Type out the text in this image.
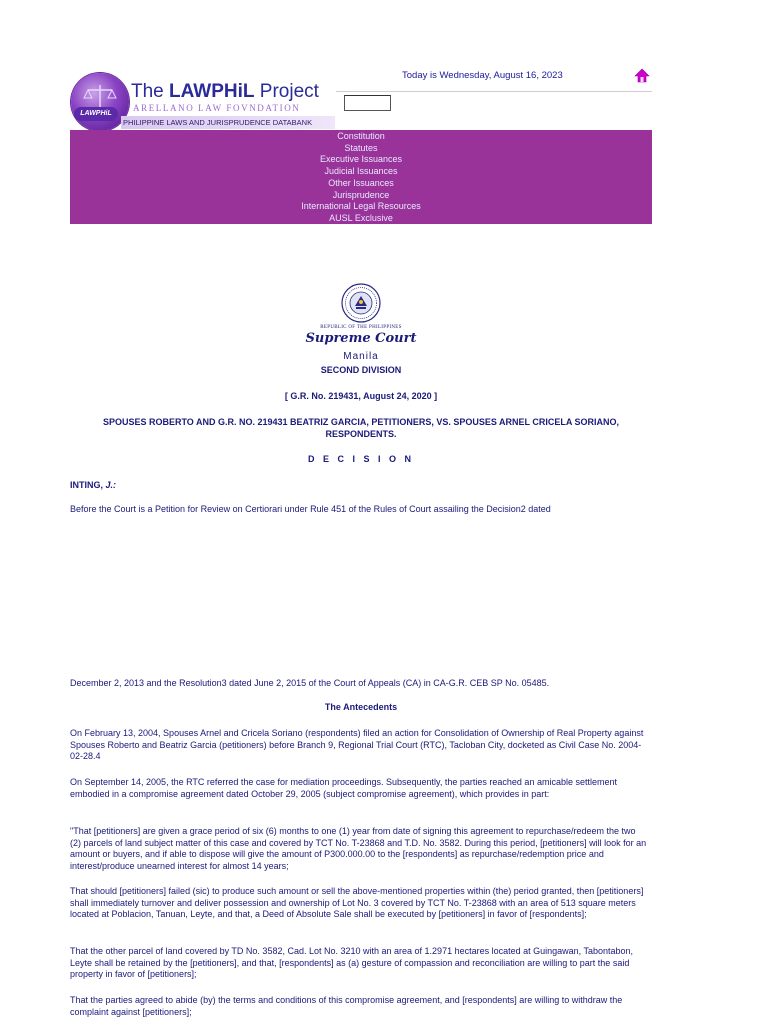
LAWPHiL
The LAWPHiL Project
ARELLANO LAW FOVNDATION
PHILIPPINE LAWS AND JURISPRUDENCE DATABANK
Today is Wednesday, August 16, 2023
Constitution
Statutes
Executive Issuances
Judicial Issuances
Other Issuances
Jurisprudence
International Legal Resources
AUSL Exclusive
REPUBLIC OF THE PHILIPPINES
Supreme Court
Manila
SECOND DIVISION
[ G.R. No. 219431, August 24, 2020 ]
SPOUSES ROBERTO AND G.R. NO. 219431 BEATRIZ GARCIA, PETITIONERS, VS. SPOUSES ARNEL CRICELA SORIANO, RESPONDENTS.
D E C I S I O N
INTING, J.:
Before the Court is a Petition for Review on Certiorari under Rule 451 of the Rules of Court assailing the Decision2 dated
December 2, 2013 and the Resolution3 dated June 2, 2015 of the Court of Appeals (CA) in CA-G.R. CEB SP No. 05485.
The Antecedents
On February 13, 2004, Spouses Arnel and Cricela Soriano (respondents) filed an action for Consolidation of Ownership of Real Property against Spouses Roberto and Beatriz Garcia (petitioners) before Branch 9, Regional Trial Court (RTC), Tacloban City, docketed as Civil Case No. 2004-02-28.4
On September 14, 2005, the RTC referred the case for mediation proceedings. Subsequently, the parties reached an amicable settlement embodied in a compromise agreement dated October 29, 2005 (subject compromise agreement), which provides in part:
"That [petitioners] are given a grace period of six (6) months to one (1) year from date of signing this agreement to repurchase/redeem the two (2) parcels of land subject matter of this case and covered by TCT No. T-23868 and T.D. No. 3582. During this period, [petitioners] will look for an amount or buyers, and if able to dispose will give the amount of P300.000.00 to the [respondents] as repurchase/redemption price and interest/produce unearned interest for almost 14 years;
That should [petitioners] failed (sic) to produce such amount or sell the above-mentioned properties within (the) period granted, then [petitioners] shall immediately turnover and deliver possession and ownership of Lot No. 3 covered by TCT No. T-23868 with an area of 513 square meters located at Poblacion, Tanuan, Leyte, and that, a Deed of Absolute Sale shall be executed by [petitioners] in favor of [respondents];
That the other parcel of land covered by TD No. 3582, Cad. Lot No. 3210 with an area of 1.2971 hectares located at Guingawan, Tabontabon, Leyte shall be retained by the [petitioners], and that, [respondents] as (a) gesture of compassion and reconciliation are willing to part the said property in favor of [petitioners];
That the parties agreed to abide (by) the terms and conditions of this compromise agreement, and [respondents] are willing to withdraw the complaint against [petitioners];
